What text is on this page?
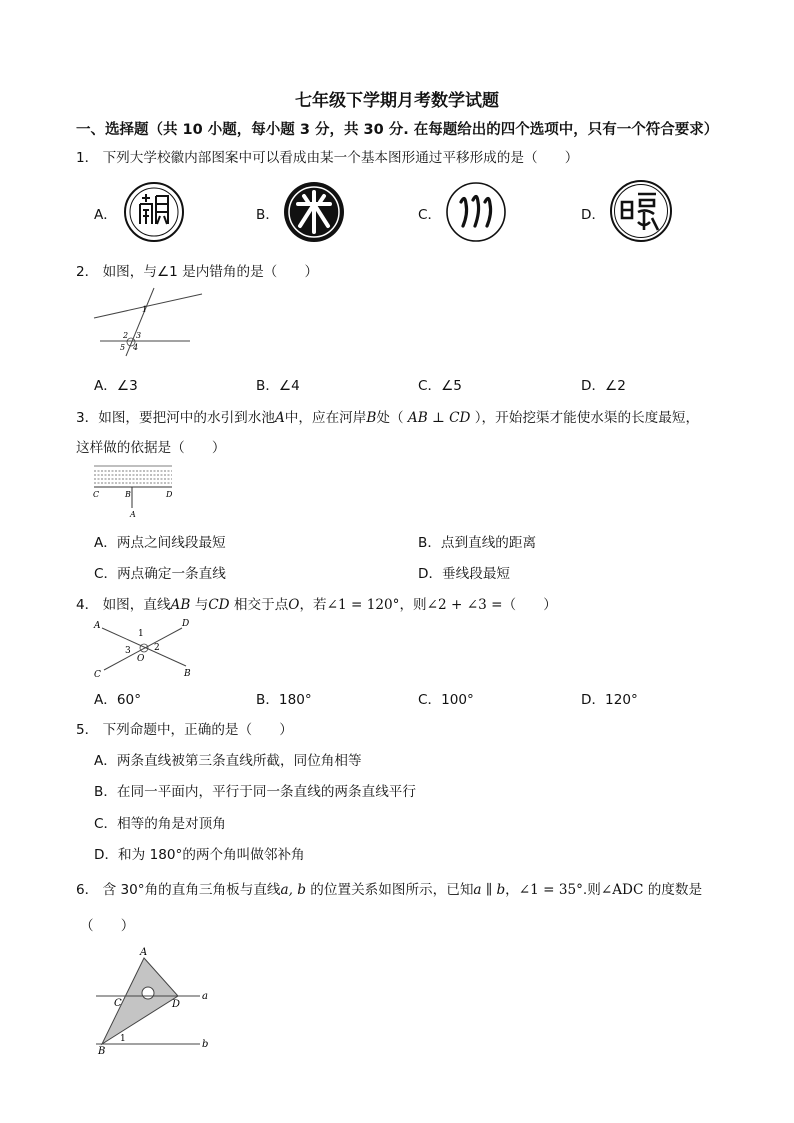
七年级下学期月考数学试题
一、选择题（共 10 小题，每小题 3 分，共 30 分. 在每题给出的四个选项中，只有一个符合要求）
1． 下列大学校徽内部图案中可以看成由某一个基本图形通过平移形成的是（　　）
A．	B．	C．	D．
2． 如图，与∠1 是内错角的是（　　）
1
2 3
5 4
A．∠3	B．∠4	C．∠5	D．∠2
3．如图，要把河中的水引到水池A中，应在河岸B处（ AB ⊥ CD ），开始挖渠才能使水渠的长度最短，
这样做的依据是（　　）
C	B	D
A
A．两点之间线段最短	B．点到直线的距离
C．两点确定一条直线	D．垂线段最短
4． 如图，直线AB 与CD 相交于点O，若∠1 = 120°，则∠2 + ∠3 =（　　）
A	D
1
3	2
O
C	B
A．60°	B．180°	C．100°	D．120°
5． 下列命题中，正确的是（　　）
A．两条直线被第三条直线所截，同位角相等
B．在同一平面内，平行于同一条直线的两条直线平行
C．相等的角是对顶角
D．和为 180°的两个角叫做邻补角
6． 含 30°角的直角三角板与直线a, b 的位置关系如图所示，已知a ∥ b，∠1 = 35°.则∠ADC 的度数是
（　　）
A
C	D
a
1
B
b
